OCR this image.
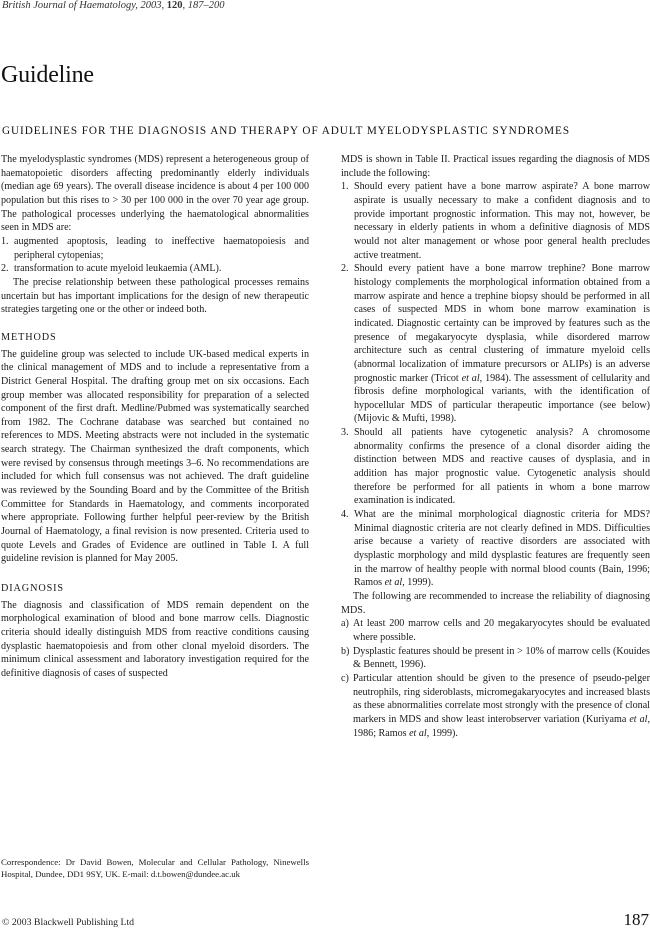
British Journal of Haematology, 2003, 120, 187–200
Guideline
GUIDELINES FOR THE DIAGNOSIS AND THERAPY OF ADULT MYELODYSPLASTIC SYNDROMES

The myelodysplastic syndromes (MDS) represent a heterogeneous group of haematopoietic disorders affecting predominantly elderly individuals (median age 69 years). The overall disease incidence is about 4 per 100 000 population but this rises to > 30 per 100 000 in the over 70 year age group. The pathological processes underlying the haematological abnormalities seen in MDS are:

1. augmented apoptosis, leading to ineffective haematopoiesis and peripheral cytopenias;
2. transformation to acute myeloid leukaemia (AML).

The precise relationship between these pathological processes remains uncertain but has important implications for the design of new therapeutic strategies targeting one or the other or indeed both.

METHODS

The guideline group was selected to include UK-based medical experts in the clinical management of MDS and to include a representative from a District General Hospital. The drafting group met on six occasions. Each group member was allocated responsibility for preparation of a selected component of the first draft. Medline/Pubmed was systematically searched from 1982. The Cochrane database was searched but contained no references to MDS. Meeting abstracts were not included in the systematic search strategy. The Chairman synthesized the draft components, which were revised by consensus through meetings 3–6. No recommendations are included for which full consensus was not achieved. The draft guideline was reviewed by the Sounding Board and by the Committee of the British Committee for Standards in Haematology, and comments incorporated where appropriate. Following further helpful peer-review by the British Journal of Haematology, a final revision is now presented. Criteria used to quote Levels and Grades of Evidence are outlined in Table I. A full guideline revision is planned for May 2005.

DIAGNOSIS

The diagnosis and classification of MDS remain dependent on the morphological examination of blood and bone marrow cells. Diagnostic criteria should ideally distinguish MDS from reactive conditions causing dysplastic haematopoiesis and from other clonal myeloid disorders. The minimum clinical assessment and laboratory investigation required for the definitive diagnosis of cases of suspected

MDS is shown in Table II. Practical issues regarding the diagnosis of MDS include the following:

1. Should every patient have a bone marrow aspirate? A bone marrow aspirate is usually necessary to make a confident diagnosis and to provide important prognostic information. This may not, however, be necessary in elderly patients in whom a definitive diagnosis of MDS would not alter management or whose poor general health precludes active treatment.
2. Should every patient have a bone marrow trephine? Bone marrow histology complements the morphological information obtained from a marrow aspirate and hence a trephine biopsy should be performed in all cases of suspected MDS in whom bone marrow examination is indicated. Diagnostic certainty can be improved by features such as the presence of megakaryocyte dysplasia, while disordered marrow architecture such as central clustering of immature myeloid cells (abnormal localization of immature precursors or ALIPs) is an adverse prognostic marker (Tricot et al, 1984). The assessment of cellularity and fibrosis define morphological variants, with the identification of hypocellular MDS of particular therapeutic importance (see below) (Mijovic & Mufti, 1998).
3. Should all patients have cytogenetic analysis? A chromosome abnormality confirms the presence of a clonal disorder aiding the distinction between MDS and reactive causes of dysplasia, and in addition has major prognostic value. Cytogenetic analysis should therefore be performed for all patients in whom a bone marrow examination is indicated.
4. What are the minimal morphological diagnostic criteria for MDS? Minimal diagnostic criteria are not clearly defined in MDS. Difficulties arise because a variety of reactive disorders are associated with dysplastic morphology and mild dysplastic features are frequently seen in the marrow of healthy people with normal blood counts (Bain, 1996; Ramos et al, 1999).

The following are recommended to increase the reliability of diagnosing MDS.

a) At least 200 marrow cells and 20 megakaryocytes should be evaluated where possible.
b) Dysplastic features should be present in > 10% of marrow cells (Kouides & Bennett, 1996).
c) Particular attention should be given to the presence of pseudo-pelger neutrophils, ring sideroblasts, micromegakaryocytes and increased blasts as these abnormalities correlate most strongly with the presence of clonal markers in MDS and show least interobserver variation (Kuriyama et al, 1986; Ramos et al, 1999).
Correspondence: Dr David Bowen, Molecular and Cellular Pathology, Ninewells Hospital, Dundee, DD1 9SY, UK. E-mail: d.t.bowen@dundee.ac.uk
© 2003 Blackwell Publishing Ltd	187
